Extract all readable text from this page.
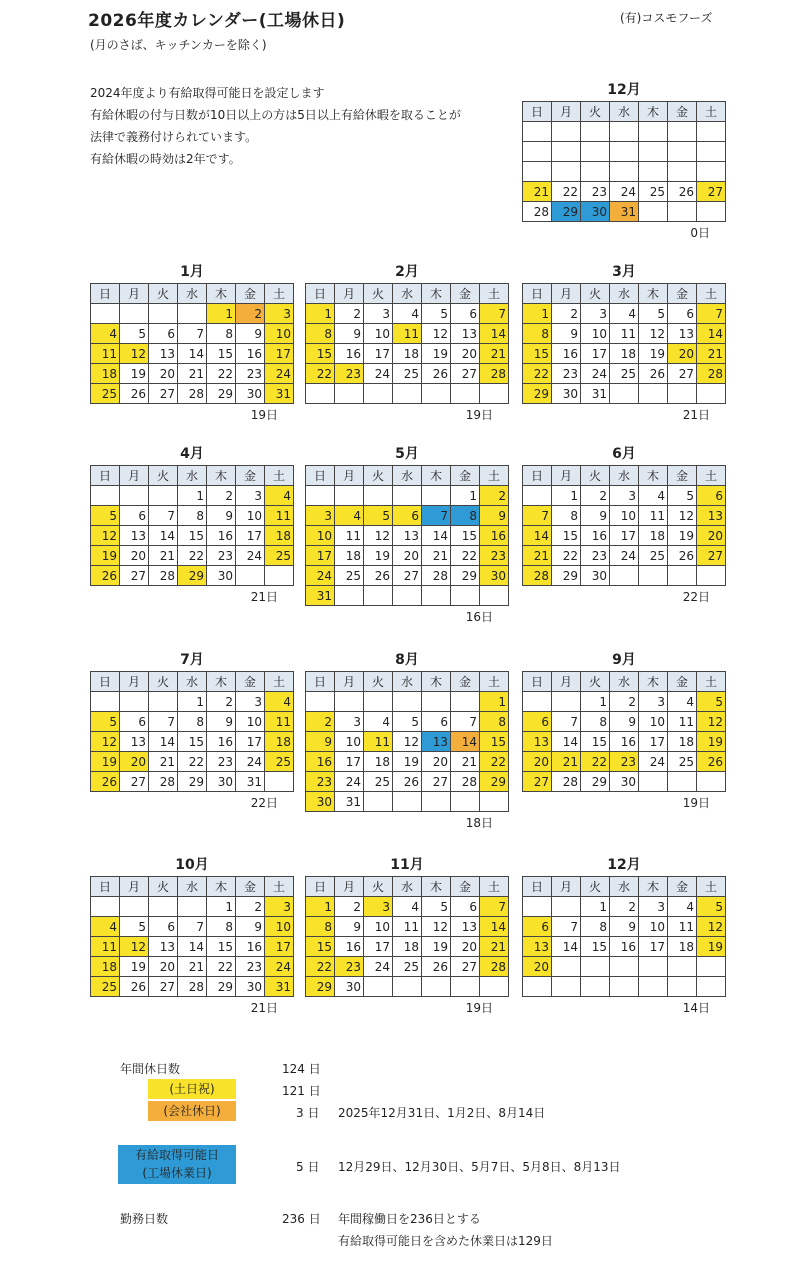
2026年度カレンダー(工場休日)	(有)コスモフーズ
(月のさば、キッチンカーを除く)
2024年度より有給取得可能日を設定します
有給休暇の付与日数が10日以上の方は5日以上有給休暇を取ることが
法律で義務付けられています。
有給休暇の時効は2年です。
12月
日	月	火	水	木	金	土

21	22	23	24	25	26	27
28	29	30	31			
0日
1月
日	月	火	水	木	金	土
				1	2	3
4	5	6	7	8	9	10
11	12	13	14	15	16	17
18	19	20	21	22	23	24
25	26	27	28	29	30	31
19日
2月
日	月	火	水	木	金	土
1	2	3	4	5	6	7
8	9	10	11	12	13	14
15	16	17	18	19	20	21
22	23	24	25	26	27	28

19日
3月
日	月	火	水	木	金	土
1	2	3	4	5	6	7
8	9	10	11	12	13	14
15	16	17	18	19	20	21
22	23	24	25	26	27	28
29	30	31				
21日
4月
日	月	火	水	木	金	土
			1	2	3	4
5	6	7	8	9	10	11
12	13	14	15	16	17	18
19	20	21	22	23	24	25
26	27	28	29	30		
21日
5月
日	月	火	水	木	金	土
					1	2
3	4	5	6	7	8	9
10	11	12	13	14	15	16
17	18	19	20	21	22	23
24	25	26	27	28	29	30
31						
16日
6月
日	月	火	水	木	金	土
	1	2	3	4	5	6
7	8	9	10	11	12	13
14	15	16	17	18	19	20
21	22	23	24	25	26	27
28	29	30				
22日
7月
日	月	火	水	木	金	土
			1	2	3	4
5	6	7	8	9	10	11
12	13	14	15	16	17	18
19	20	21	22	23	24	25
26	27	28	29	30	31	
22日
8月
日	月	火	水	木	金	土
						1
2	3	4	5	6	7	8
9	10	11	12	13	14	15
16	17	18	19	20	21	22
23	24	25	26	27	28	29
30	31					
18日
9月
日	月	火	水	木	金	土
		1	2	3	4	5
6	7	8	9	10	11	12
13	14	15	16	17	18	19
20	21	22	23	24	25	26
27	28	29	30			
19日
10月
日	月	火	水	木	金	土
				1	2	3
4	5	6	7	8	9	10
11	12	13	14	15	16	17
18	19	20	21	22	23	24
25	26	27	28	29	30	31
21日
11月
日	月	火	水	木	金	土
1	2	3	4	5	6	7
8	9	10	11	12	13	14
15	16	17	18	19	20	21
22	23	24	25	26	27	28
29	30					
19日
12月
日	月	火	水	木	金	土
		1	2	3	4	5
6	7	8	9	10	11	12
13	14	15	16	17	18	19
20						

14日
年間休日数	124 日
(土日祝)	121 日
(会社休日)	3 日 2025年12月31日、1月2日、8月14日
有給取得可能日
(工場休業日)	5 日 12月29日、12月30日、5月7日、5月8日、8月13日
勤務日数	236 日 年間稼働日を236日とする
有給取得可能日を含めた休業日は129日
